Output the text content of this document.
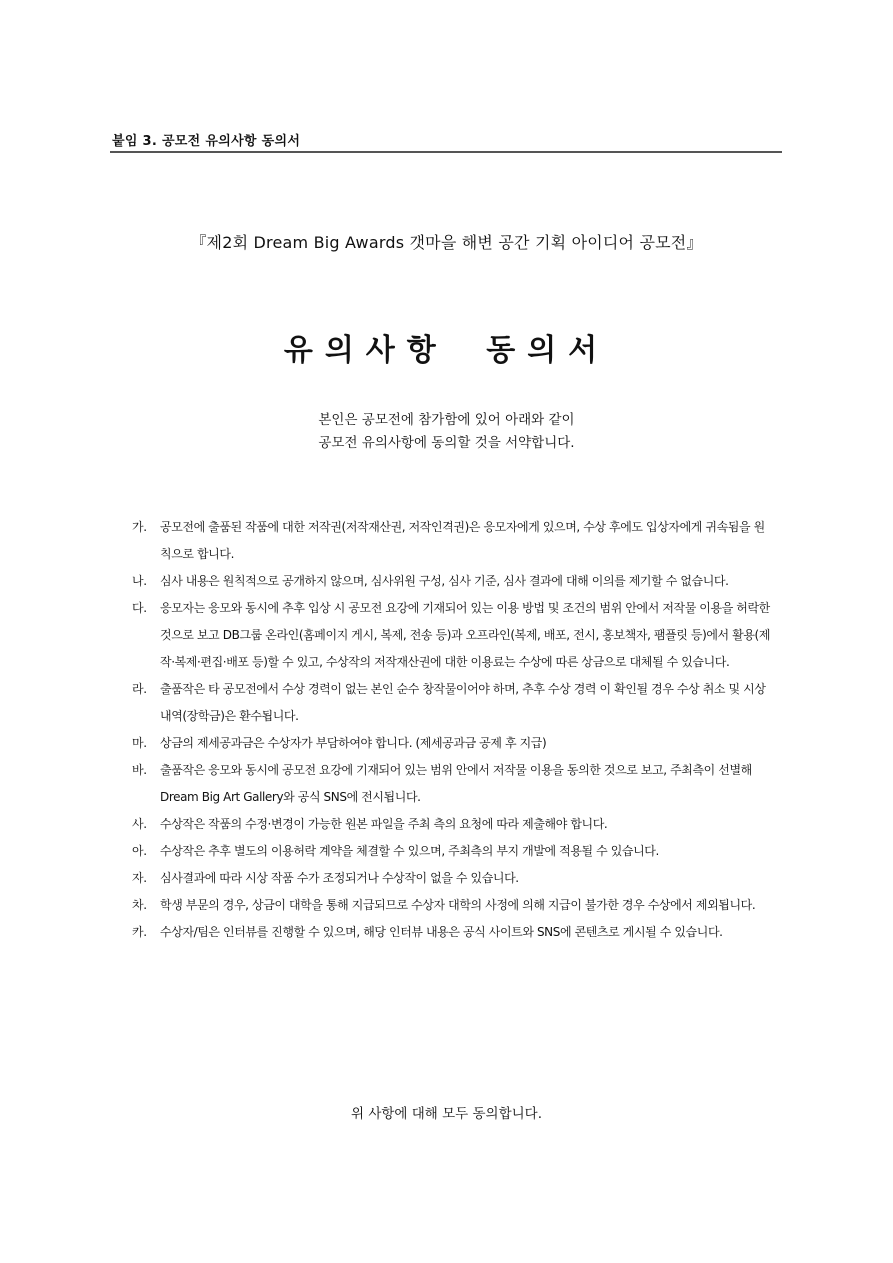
붙임 3. 공모전 유의사항 동의서
『제2회 Dream Big Awards 갯마을 해변 공간 기획 아이디어 공모전』
유의사항 동의서
본인은 공모전에 참가함에 있어 아래와 같이
공모전 유의사항에 동의할 것을 서약합니다.
가. 공모전에 출품된 작품에 대한 저작권(저작재산권, 저작인격권)은 응모자에게 있으며, 수상 후에도 입상자에게 귀속됨을 원칙으로 합니다.
나. 심사 내용은 원칙적으로 공개하지 않으며, 심사위원 구성, 심사 기준, 심사 결과에 대해 이의를 제기할 수 없습니다.
다. 응모자는 응모와 동시에 추후 입상 시 공모전 요강에 기재되어 있는 이용 방법 및 조건의 범위 안에서 저작물 이용을 허락한 것으로 보고 DB그룹 온라인(홈페이지 게시, 복제, 전송 등)과 오프라인(복제, 배포, 전시, 홍보책자, 팸플릿 등)에서 활용(제작·복제·편집·배포 등)할 수 있고, 수상작의 저작재산권에 대한 이용료는 수상에 따른 상금으로 대체될 수 있습니다.
라. 출품작은 타 공모전에서 수상 경력이 없는 본인 순수 창작물이어야 하며, 추후 수상 경력 이 확인될 경우 수상 취소 및 시상 내역(장학금)은 환수됩니다.
마. 상금의 제세공과금은 수상자가 부담하여야 합니다. (제세공과금 공제 후 지급)
바. 출품작은 응모와 동시에 공모전 요강에 기재되어 있는 범위 안에서 저작물 이용을 동의한 것으로 보고, 주최측이 선별해 Dream Big Art Gallery와 공식 SNS에 전시됩니다.
사. 수상작은 작품의 수정·변경이 가능한 원본 파일을 주최 측의 요청에 따라 제출해야 합니다.
아. 수상작은 추후 별도의 이용허락 계약을 체결할 수 있으며, 주최측의 부지 개발에 적용될 수 있습니다.
자. 심사결과에 따라 시상 작품 수가 조정되거나 수상작이 없을 수 있습니다.
차. 학생 부문의 경우, 상금이 대학을 통해 지급되므로 수상자 대학의 사정에 의해 지급이 불가한 경우 수상에서 제외됩니다.
카. 수상자/팀은 인터뷰를 진행할 수 있으며, 해당 인터뷰 내용은 공식 사이트와 SNS에 콘텐츠로 게시될 수 있습니다.
위 사항에 대해 모두 동의합니다.
